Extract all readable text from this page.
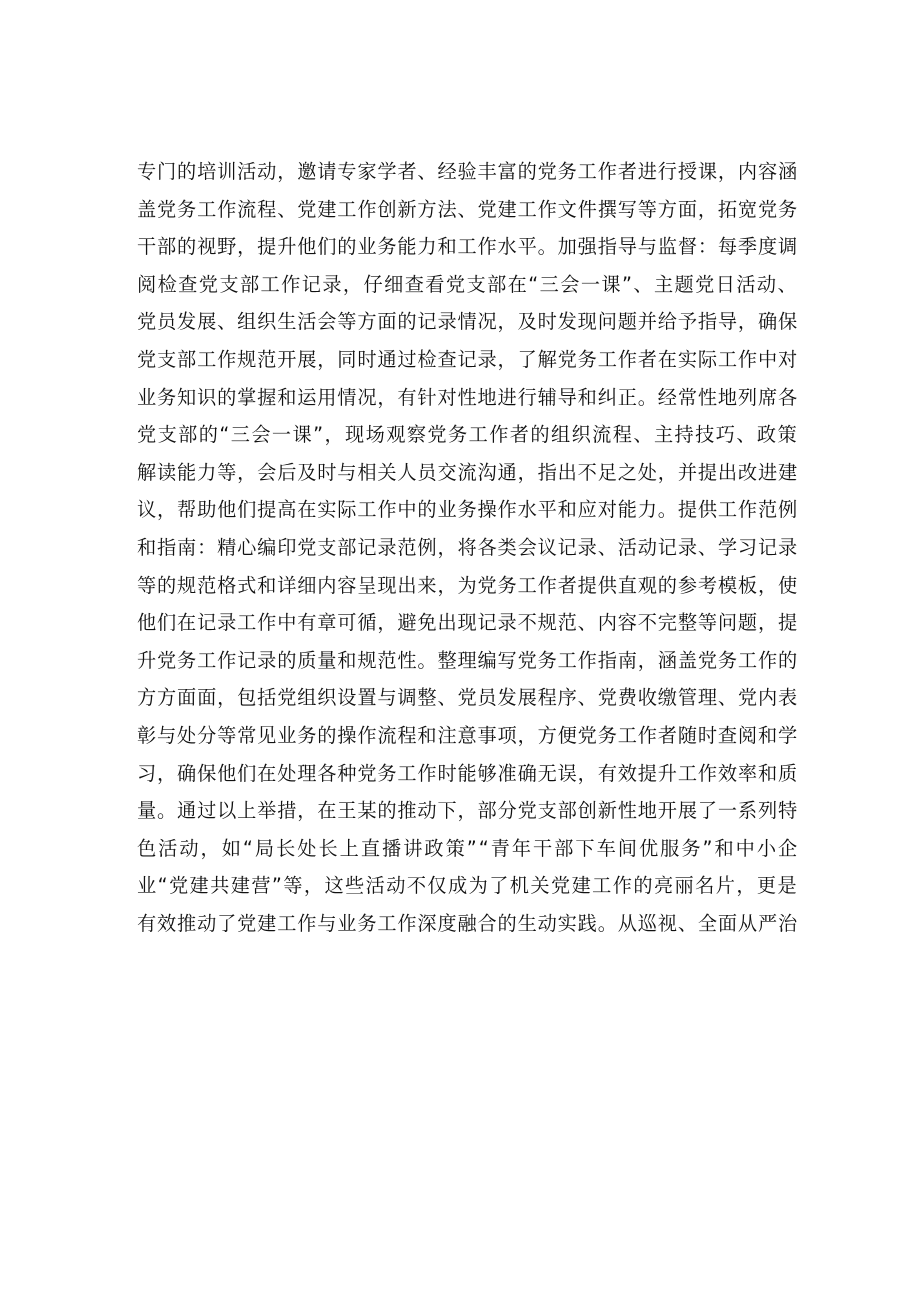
专门的培训活动，邀请专家学者、经验丰富的党务工作者进行授课，内容涵
盖党务工作流程、党建工作创新方法、党建工作文件撰写等方面，拓宽党务
干部的视野，提升他们的业务能力和工作水平。加强指导与监督：每季度调
阅检查党支部工作记录，仔细查看党支部在“三会一课”、主题党日活动、
党员发展、组织生活会等方面的记录情况，及时发现问题并给予指导，确保
党支部工作规范开展，同时通过检查记录，了解党务工作者在实际工作中对
业务知识的掌握和运用情况，有针对性地进行辅导和纠正。经常性地列席各
党支部的“三会一课”，现场观察党务工作者的组织流程、主持技巧、政策
解读能力等，会后及时与相关人员交流沟通，指出不足之处，并提出改进建
议，帮助他们提高在实际工作中的业务操作水平和应对能力。提供工作范例
和指南：精心编印党支部记录范例，将各类会议记录、活动记录、学习记录
等的规范格式和详细内容呈现出来，为党务工作者提供直观的参考模板，使
他们在记录工作中有章可循，避免出现记录不规范、内容不完整等问题，提
升党务工作记录的质量和规范性。整理编写党务工作指南，涵盖党务工作的
方方面面，包括党组织设置与调整、党员发展程序、党费收缴管理、党内表
彰与处分等常见业务的操作流程和注意事项，方便党务工作者随时查阅和学
习，确保他们在处理各种党务工作时能够准确无误，有效提升工作效率和质
量。通过以上举措，在王某的推动下，部分党支部创新性地开展了一系列特
色活动，如“局长处长上直播讲政策”“青年干部下车间优服务”和中小企
业“党建共建营”等，这些活动不仅成为了机关党建工作的亮丽名片，更是
有效推动了党建工作与业务工作深度融合的生动实践。从巡视、全面从严治
